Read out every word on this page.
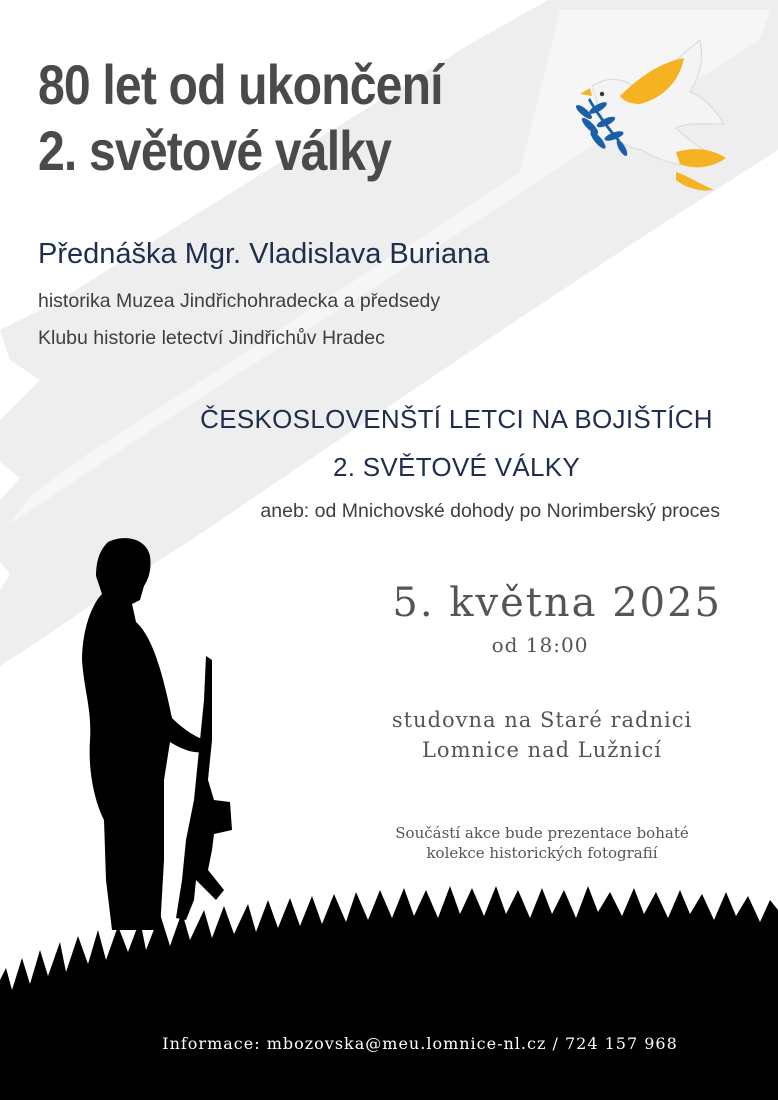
80 let od ukončení
2. světové války
Přednáška Mgr. Vladislava Buriana
historika Muzea Jindřichohradecka a předsedy
Klubu historie letectví Jindřichův Hradec
ČESKOSLOVENŠTÍ LETCI NA BOJIŠTÍCH
2. SVĚTOVÉ VÁLKY
aneb: od Mnichovské dohody po Norimberský proces
5. května 2025
od 18:00
studovna na Staré radnici
Lomnice nad Lužnicí
Součástí akce bude prezentace bohaté
kolekce historických fotografií
Informace: mbozovska@meu.lomnice-nl.cz / 724 157 968
